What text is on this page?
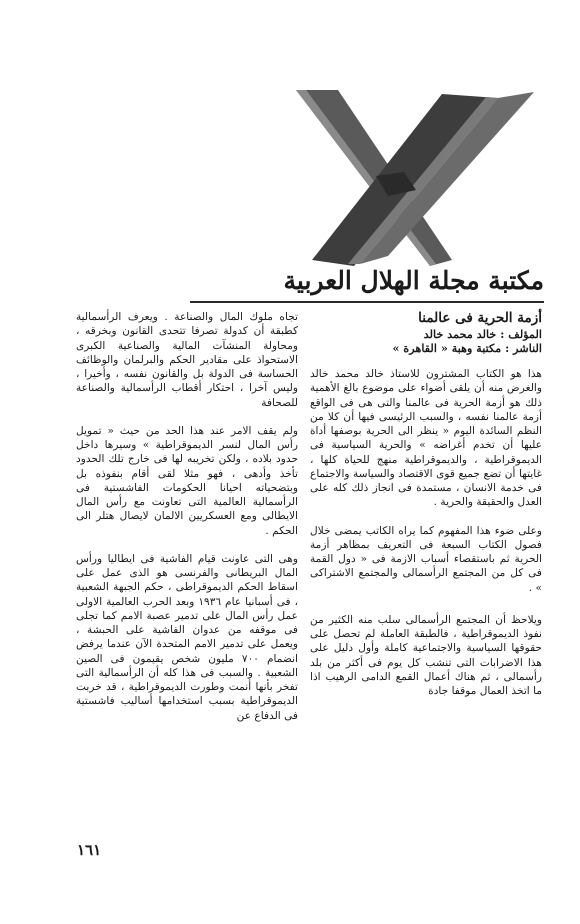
مكتبة مجلة الهلال العربية
أزمة الحرية فى عالمنا
المؤلف : خالد محمد خالد
الناشر : مكتبة وهبة « القاهرة »

هذا هو الكتاب المشترون للاستاذ خالد محمد خالد والغرض منه أن يلقى أضواء على موضوع بالغ الأهمية ذلك هو أزمة الحرية فى عالمنا والتى هى فى الواقع أزمة عالمنا نفسه ، والسبب الرئيسى فيها أن كلا من النظم السائدة اليوم « ينظر الى الحرية بوصفها أداة عليها أن تخدم أغراضه » والحرية السياسية فى الديموقراطية ، والديموقراطية منهج للحياة كلها ، غايتها أن تضع جميع قوى الاقتصاد والسياسة والاجتماع فى خدمة الانسان ، مستمدة فى انجاز ذلك كله على العدل والحقيقة والحرية .

وعلى ضوء هذا المفهوم كما يراه الكاتب يمضى خلال فصول الكتاب السبعة فى التعريف بمظاهر أزمة الحرية ثم باستقصاء أسباب الازمة فى « دول القمة فى كل من المجتمع الرأسمالى والمجتمع الاشتراكى » .

ويلاحظ أن المجتمع الرأسمالى سلب منه الكثير من نفوذ الديموقراطية ، فالطبقة العاملة لم تحصل على حقوقها السياسية والاجتماعية كاملة وأول دليل على هذا الاضرابات التى تنشب كل يوم فى أكثر من بلد رأسمالى ، ثم هناك أعمال القمع الدامى الرهيب اذا ما اتخذ العمال موقفا جادة

تجاه ملوك المال والصناعة . ويعرف الرأسمالية كطبقة أن كدولة تصرفا تتحدى القانون وبخرقه ، ومحاولة المنشآت المالية والصناعية الكبرى الاستحواذ على مقادير الحكم والبرلمان والوظائف الحساسة فى الدولة بل والقانون نفسه ، وأخيرا ، وليس آخرا ، احتكار أقطاب الرأسمالية والصناعة للصحافة

ولم يقف الامر عند هذا الحد من حيث « تمويل رأس المال لنسر الديموقراطية » وسيرها داخل حدود بلاده ، ولكن تخريبه لها فى خارج تلك الحدود تأخذ وأدهى ، فهو مثلا لقى أقام بنفوذه بل وبتضحياته احيانا الحكومات الفاشستية فى الرأسمالية العالمية التى تعاونت مع رأس المال الايطالى ومع العسكريين الالمان لايصال هتلر الى الحكم .

وهى التى عاونت قيام الفاشية فى ايطاليا ورأس المال البريطانى والفرنسى هو الذى عمل على اسقاط الحكم الديموقراطى ، حكم الجبهة الشعبية ، فى أسبانيا عام ١٩٣٦ وبعد الحرب العالمية الاولى عمل رأس المال على تدمير عصبة الامم كما تجلى فى موقفه من عدوان الفاشية على الحبشة ، ويعمل على تدمير الامم المتحدة الآن عندما يرفض انضمام ٧٠٠ مليون شخص يقيمون فى الصين الشعبية . والسبب فى هذا كله أن الرأسمالية التى تفخر بأنها أنمت وطورت الديموقراطية ، قد خربت الديموقراطية بسبب استخدامها أساليب فاشستية فى الدفاع عن

١٦١
